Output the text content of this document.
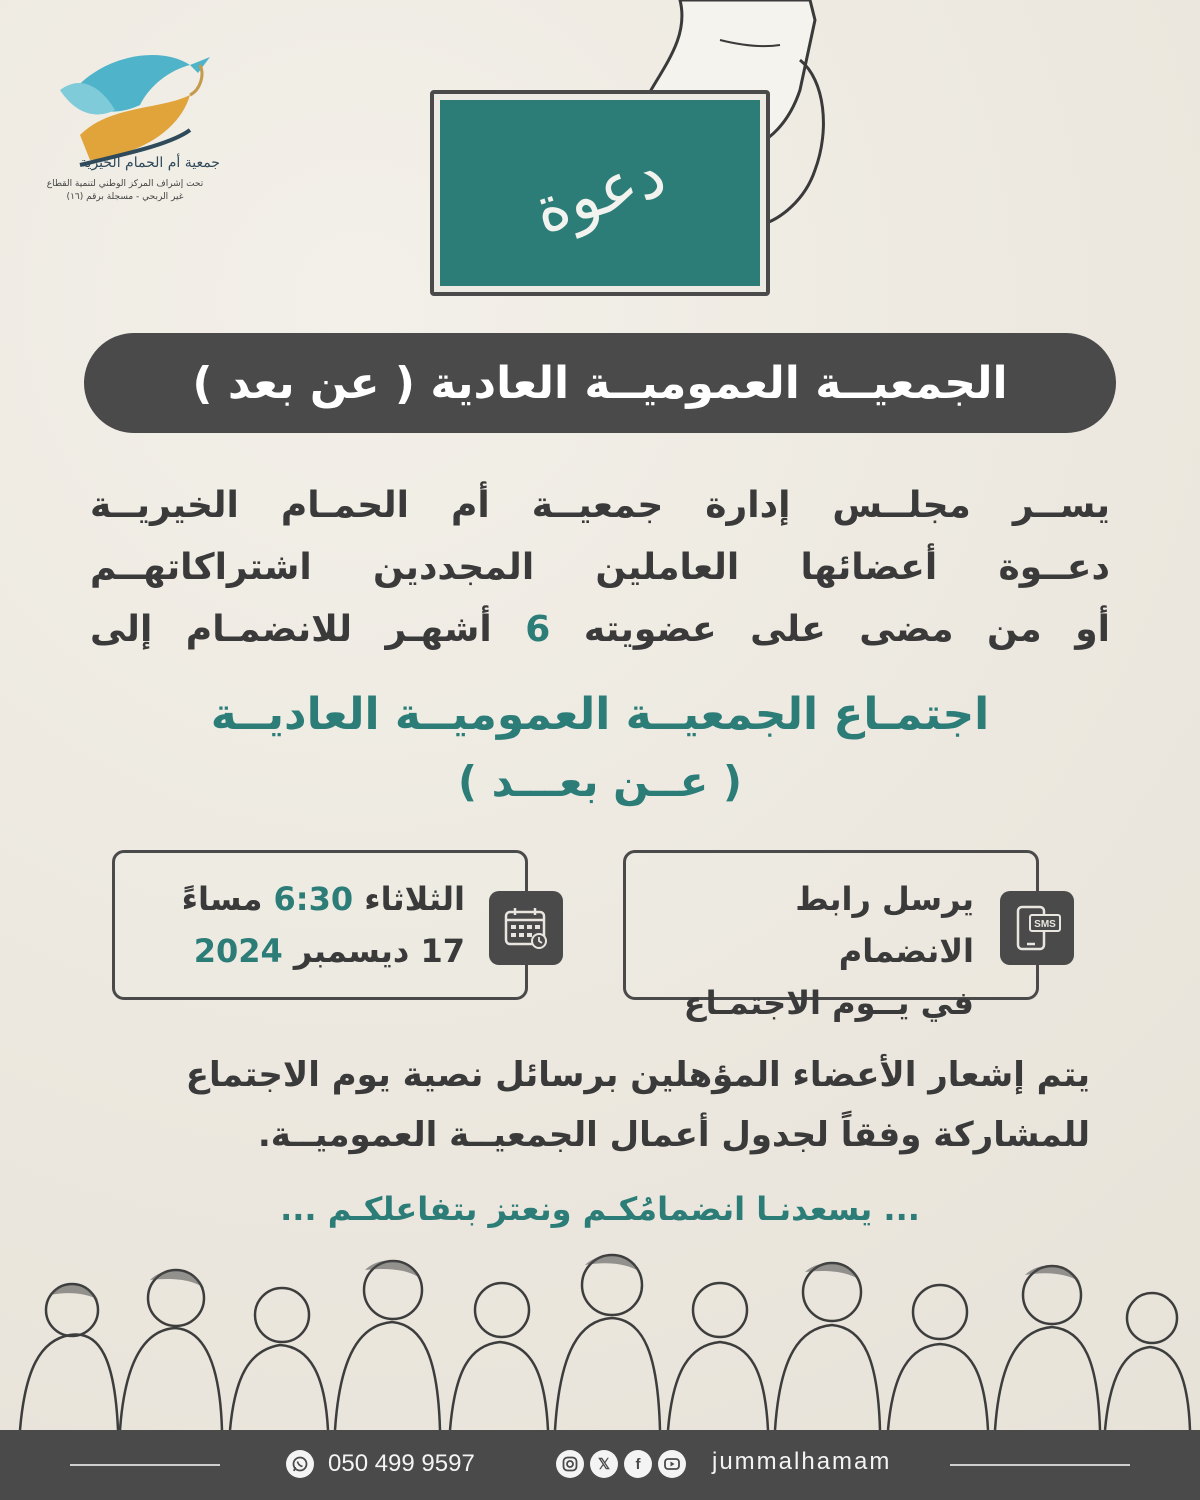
جمعية أم الحمام الخيرية
تحت إشراف المركز الوطني لتنمية القطاع
غير الربحي - مسجلة برقم (١٦)	دعوة
الجمعيــة العموميــة العادية ( عن بعد )
يســر مجلــس إدارة جمعيــة أم الحمـام الخيريــة
دعــوة أعضائها العاملين المجددين اشتراكاتهــم
أو من مضى على عضويته 6 أشهـر للانضمـام إلى
اجتمـاع الجمعيــة العموميــة العاديــة
( عــن بعـــد )
الثلاثاء 6:30 مساءً
17 ديسمبر 2024
يرسل رابط الانضمام
في يــوم الاجتمـاع
SMS
يتم إشعار الأعضاء المؤهلين برسائل نصية يوم الاجتماع
للمشاركة وفقاً لجدول أعمال الجمعيــة العموميــة.
... يسعدنـا انضمامُكـم ونعتز بتفاعلكـم ...
050 499 9597	𝕏	f	jummalhamam
